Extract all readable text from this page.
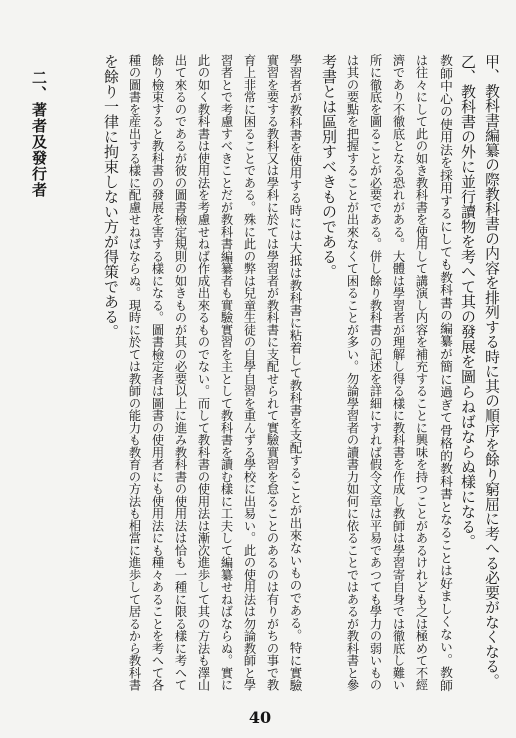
甲、教科書編纂の際教科書の内容を排列する時に其の順序を餘り窮屈に考へる必要がなくなる。
乙、教科書の外に並行讀物を考へて其の發展を圖らねばならぬ樣になる。
教師中心の使用法を採用するにしても教科書の編纂が簡に過ぎて骨格的教科書となることは好ましくない。教師
は往々にして此の如き教科書を使用して講演し内容を補充することに興味を持つことがあるけれども之は極めて不經
濟であり不徹底となる恐れがある。大體は學習者が理解し得る樣に教科書を作成し教師は學習寄自身では徹底し難い
所に徹底を圖ることが必要である。併し餘り教科書の記述を詳細にすれば假令文章は平易であつても學力の弱いもの
は其の要點を把握することが出來なくて困ることが多い。勿論學習者の讀書力如何に依ることではあるが教科書と參
考書とは區別すべきものである。
學習者が教科書を使用する時には大抵は教科書に粘着して教科書を支配することが出來ないものである。特に實驗
實習を要する教科又は學科に於ては學習者が教科書に支配せられて實驗實習を怠ることのあるのは有りがちの事で教
育上非常に困ることである。殊に此の弊は兒童生徒の自學自習を重んずる學校に出易い。此の使用法は勿論教師と學
習者とで考慮すべきことだが教科書編纂者も實驗實習を主として教科書を讀む樣に工夫して編纂せねばならぬ。實に
此の如く教科書は使用法を考慮せねば作成出來るものでない。而して教科書の使用法は漸次進歩して其の方法も澤山
出て來るのであるが彼の圖書檢定規則の如きものが其の必要以上に進み教科書の使用法は恰も一種に限る樣に考へて
餘り檢束すると教科書の發展を害する樣になる。圖書檢定者は圖書の使用者にも使用法にも種々あることを考へて各
種の圖書を産出する樣に配慮せねばならぬ。現時に於ては教師の能力も教育の方法も相當に進歩して居るから教科書
を餘り一律に拘束しない方が得策である。
二、著者及發行者
40
